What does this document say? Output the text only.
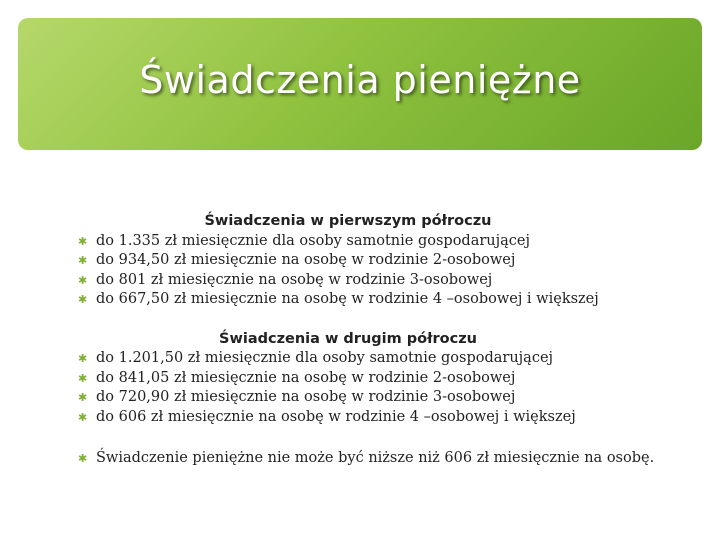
Świadczenia pieniężne
Świadczenia w pierwszym półroczu
✱ do 1.335 zł miesięcznie dla osoby samotnie gospodarującej
✱ do 934,50 zł miesięcznie na osobę w rodzinie 2-osobowej
✱ do 801 zł miesięcznie na osobę w rodzinie 3-osobowej
✱ do 667,50 zł miesięcznie na osobę w rodzinie 4 –osobowej i większej
Świadczenia w drugim półroczu
✱ do 1.201,50 zł miesięcznie dla osoby samotnie gospodarującej
✱ do 841,05 zł miesięcznie na osobę w rodzinie 2-osobowej
✱ do 720,90 zł miesięcznie na osobę w rodzinie 3-osobowej
✱ do 606 zł miesięcznie na osobę w rodzinie 4 –osobowej i większej
✱ Świadczenie pieniężne nie może być niższe niż 606 zł miesięcznie na osobę.
